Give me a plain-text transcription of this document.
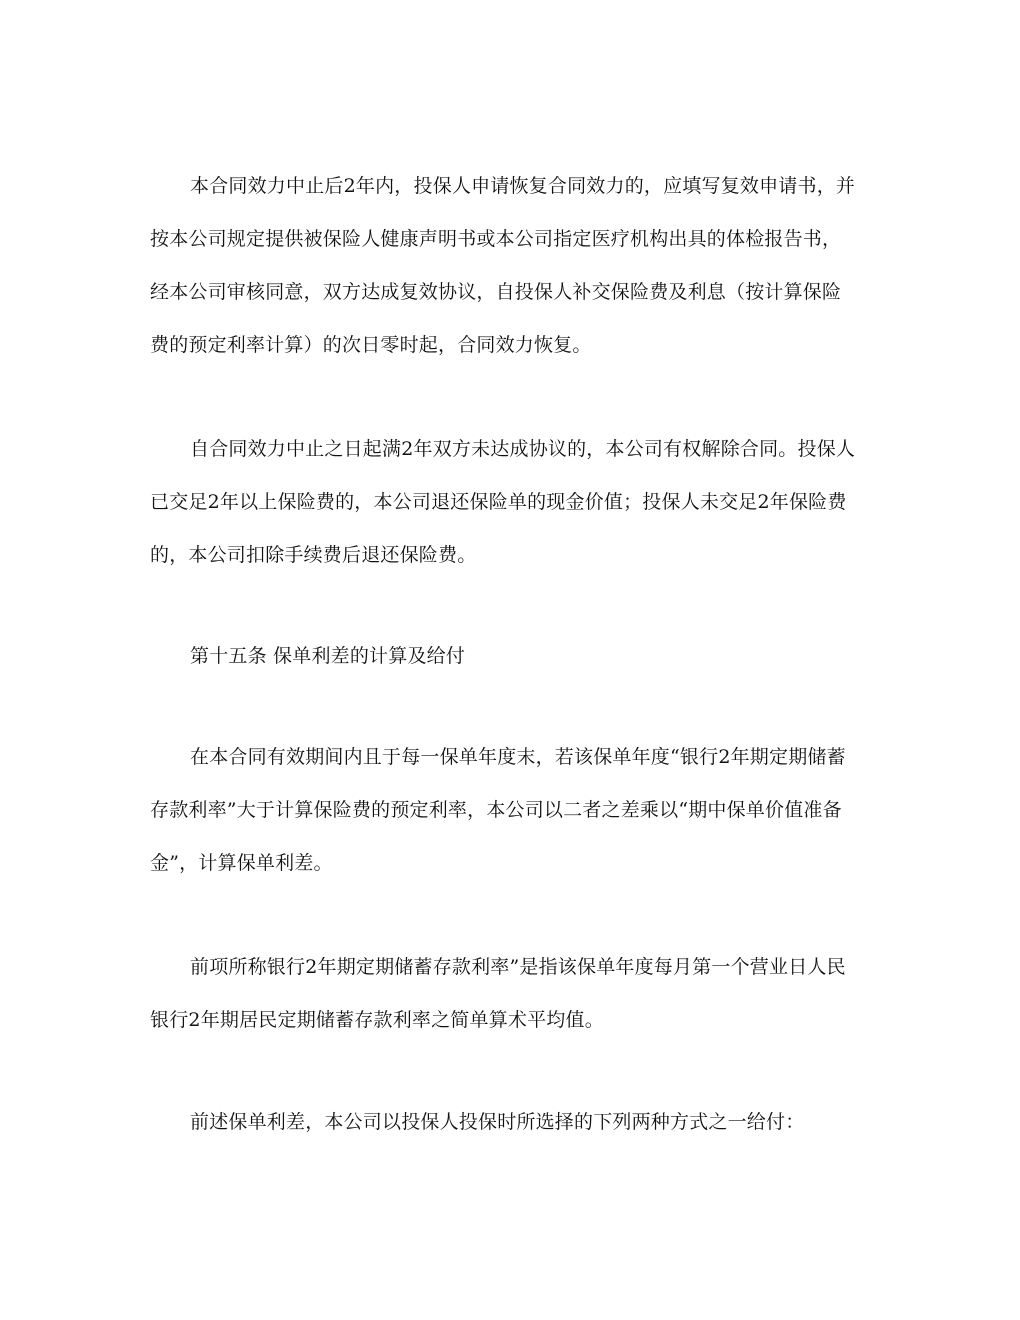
本合同效力中止后2年内，投保人申请恢复合同效力的，应填写复效申请书，并
按本公司规定提供被保险人健康声明书或本公司指定医疗机构出具的体检报告书，
经本公司审核同意，双方达成复效协议，自投保人补交保险费及利息（按计算保险
费的预定利率计算）的次日零时起，合同效力恢复。
自合同效力中止之日起满2年双方未达成协议的，本公司有权解除合同。投保人
已交足2年以上保险费的，本公司退还保险单的现金价值；投保人未交足2年保险费
的，本公司扣除手续费后退还保险费。
第十五条 保单利差的计算及给付
在本合同有效期间内且于每一保单年度末，若该保单年度“银行2年期定期储蓄
存款利率”大于计算保险费的预定利率，本公司以二者之差乘以“期中保单价值准备
金”，计算保单利差。
前项所称银行2年期定期储蓄存款利率”是指该保单年度每月第一个营业日人民
银行2年期居民定期储蓄存款利率之简单算术平均值。
前述保单利差，本公司以投保人投保时所选择的下列两种方式之一给付：
